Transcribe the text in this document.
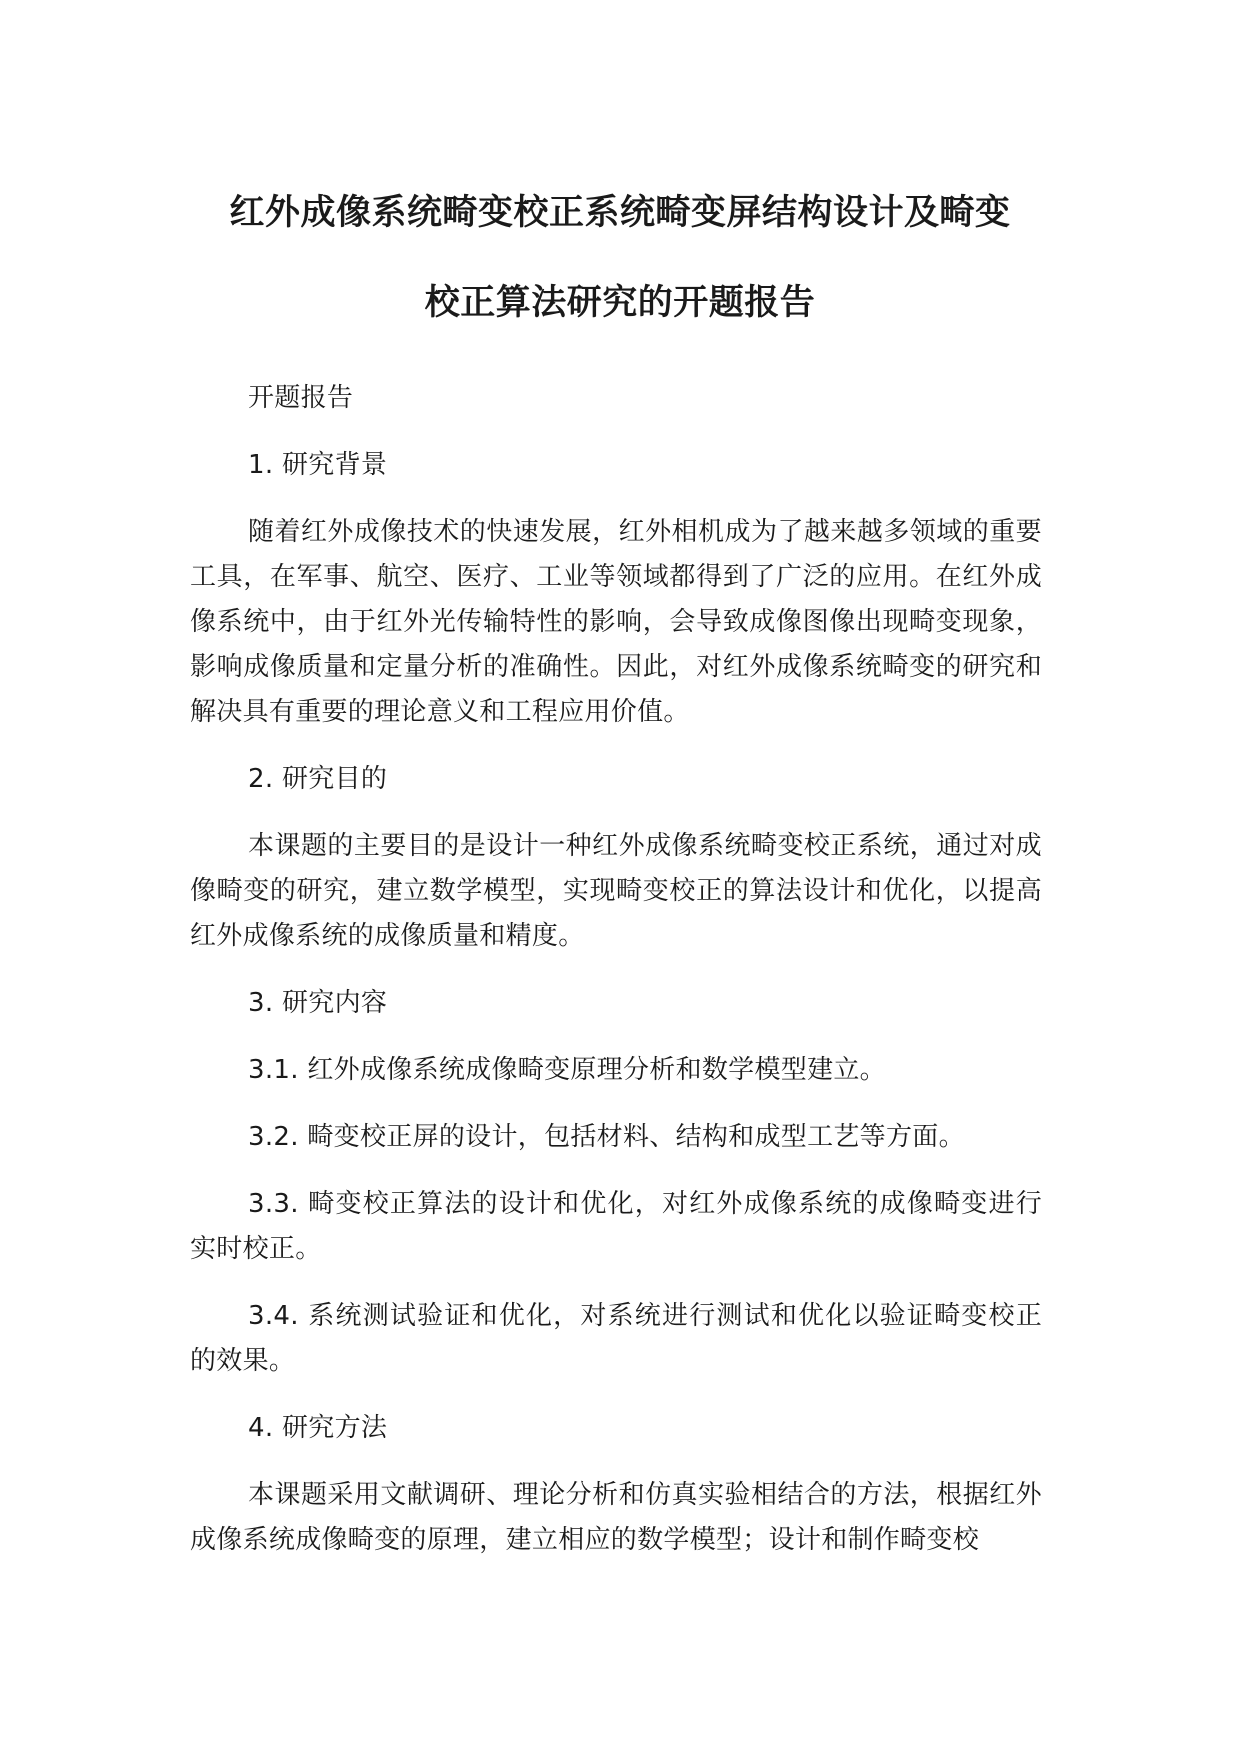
红外成像系统畸变校正系统畸变屏结构设计及畸变
校正算法研究的开题报告

开题报告

1. 研究背景

随着红外成像技术的快速发展，红外相机成为了越来越多领域的重要工具，在军事、航空、医疗、工业等领域都得到了广泛的应用。在红外成像系统中，由于红外光传输特性的影响，会导致成像图像出现畸变现象，影响成像质量和定量分析的准确性。因此，对红外成像系统畸变的研究和解决具有重要的理论意义和工程应用价值。

2. 研究目的

本课题的主要目的是设计一种红外成像系统畸变校正系统，通过对成像畸变的研究，建立数学模型，实现畸变校正的算法设计和优化，以提高红外成像系统的成像质量和精度。

3. 研究内容

3.1. 红外成像系统成像畸变原理分析和数学模型建立。

3.2. 畸变校正屏的设计，包括材料、结构和成型工艺等方面。

3.3. 畸变校正算法的设计和优化，对红外成像系统的成像畸变进行实时校正。

3.4. 系统测试验证和优化，对系统进行测试和优化以验证畸变校正的效果。

4. 研究方法

本课题采用文献调研、理论分析和仿真实验相结合的方法，根据红外成像系统成像畸变的原理，建立相应的数学模型；设计和制作畸变校
